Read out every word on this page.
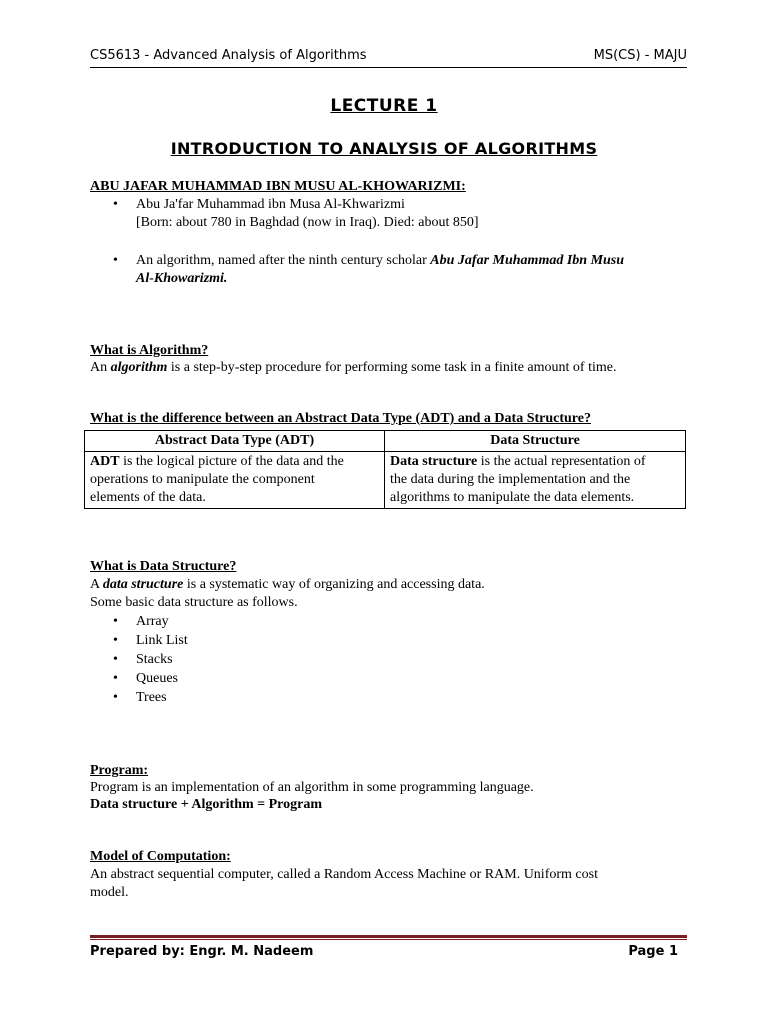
CS5613 - Advanced Analysis of Algorithms	MS(CS) - MAJU
LECTURE 1
INTRODUCTION TO ANALYSIS OF ALGORITHMS
ABU JAFAR MUHAMMAD IBN MUSU AL-KHOWARIZMI:
•	Abu Ja'far Muhammad ibn Musa Al-Khwarizmi
[Born: about 780 in Baghdad (now in Iraq). Died: about 850]
•	An algorithm, named after the ninth century scholar Abu Jafar Muhammad Ibn Musu
Al-Khowarizmi.
What is Algorithm?
An algorithm is a step-by-step procedure for performing some task in a finite amount of time.
What is the difference between an Abstract Data Type (ADT) and a Data Structure?
Abstract Data Type (ADT)	Data Structure
ADT is the logical picture of the data and the
operations to manipulate the component
elements of the data.	Data structure is the actual representation of
the data during the implementation and the
algorithms to manipulate the data elements.
What is Data Structure?
A data structure is a systematic way of organizing and accessing data.
Some basic data structure as follows.
•	Array
•	Link List
•	Stacks
•	Queues
•	Trees
Program:
Program is an implementation of an algorithm in some programming language.
Data structure + Algorithm = Program
Model of Computation:
An abstract sequential computer, called a Random Access Machine or RAM. Uniform cost
model.
Prepared by: Engr. M. Nadeem	Page 1
